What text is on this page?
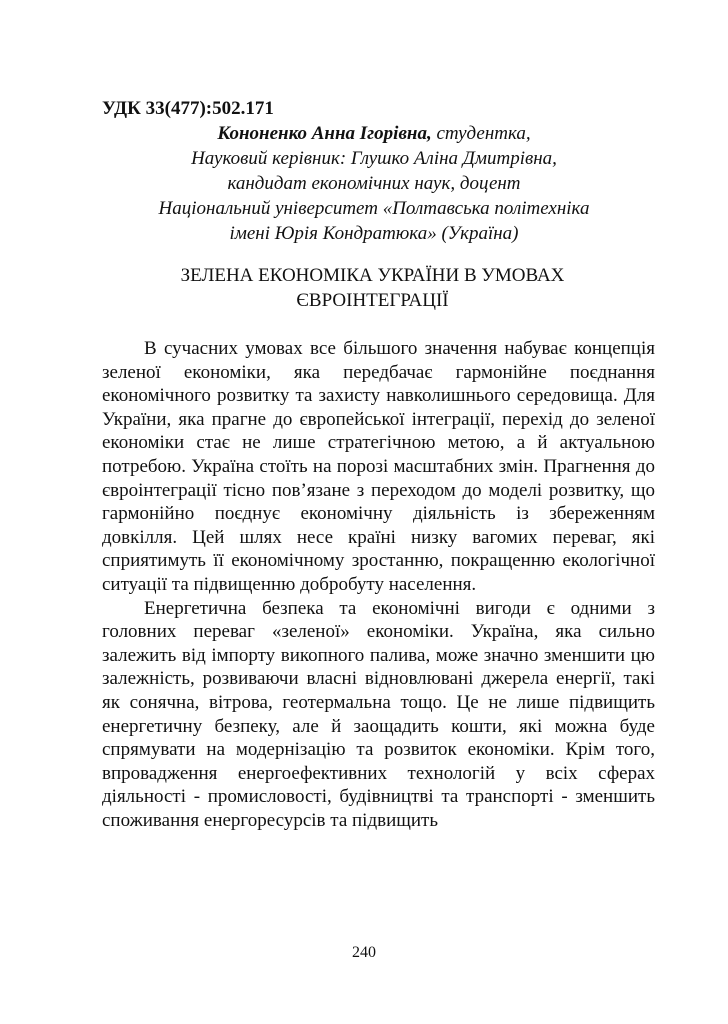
УДК 33(477):502.171

Кононенко Анна Ігорівна, студентка,
Науковий керівник: Глушко Аліна Дмитрівна,
кандидат економічних наук, доцент
Національний університет «Полтавська політехніка
імені Юрія Кондратюка» (Україна)
ЗЕЛЕНА ЕКОНОМІКА УКРАЇНИ В УМОВАХ
ЄВРОІНТЕГРАЦІЇ

В сучасних умовах все більшого значення набуває концепція зеленої економіки, яка передбачає гармонійне поєднання економічного розвитку та захисту навколишнього середовища. Для України, яка прагне до європейської інтеграції, перехід до зеленої економіки стає не лише стратегічною метою, а й актуальною потребою. Україна стоїть на порозі масштабних змін. Прагнення до євроінтеграції тісно пов’язане з переходом до моделі розвитку, що гармонійно поєднує економічну діяльність із збереженням довкілля. Цей шлях несе країні низку вагомих переваг, які сприятимуть її економічному зростанню, покращенню екологічної ситуації та підвищенню добробуту населення.

Енергетична безпека та економічні вигоди є одними з головних переваг «зеленої» економіки. Україна, яка сильно залежить від імпорту викопного палива, може значно зменшити цю залежність, розвиваючи власні відновлювані джерела енергії, такі як сонячна, вітрова, геотермальна тощо. Це не лише підвищить енергетичну безпеку, але й заощадить кошти, які можна буде спрямувати на модернізацію та розвиток економіки. Крім того, впровадження енергоефективних технологій у всіх сферах діяльності - промисловості, будівництві та транспорті - зменшить споживання енергоресурсів та підвищить

240
